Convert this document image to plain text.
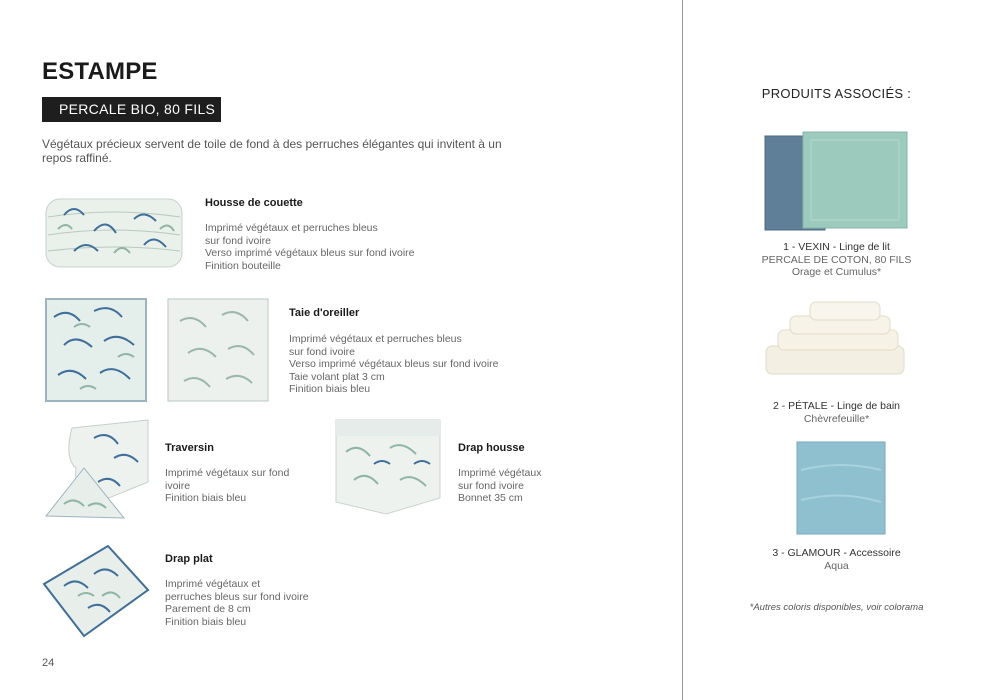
ESTAMPE
PERCALE BIO, 80 FILS
Végétaux précieux servent de toile de fond à des perruches élégantes qui invitent à un repos raffiné.
Housse de couette
Imprimé végétaux et perruches bleus
sur fond ivoire
Verso imprimé végétaux bleus sur fond ivoire
Finition bouteille
Taie d'oreiller
Imprimé végétaux et perruches bleus
sur fond ivoire
Verso imprimé végétaux bleus sur fond ivoire
Taie volant plat 3 cm
Finition biais bleu
Traversin
Imprimé végétaux sur fond
ivoire
Finition biais bleu
Drap housse
Imprimé végétaux
sur fond ivoire
Bonnet 35 cm
Drap plat
Imprimé végétaux et
perruches bleus sur fond ivoire
Parement de 8 cm
Finition biais bleu
24
PRODUITS ASSOCIÉS :
1 - VEXIN - Linge de lit
PERCALE DE COTON, 80 FILS
Orage et Cumulus*
2 - PÉTALE - Linge de bain
Chèvrefeuille*
3 - GLAMOUR - Accessoire
Aqua
*Autres coloris disponibles, voir colorama
